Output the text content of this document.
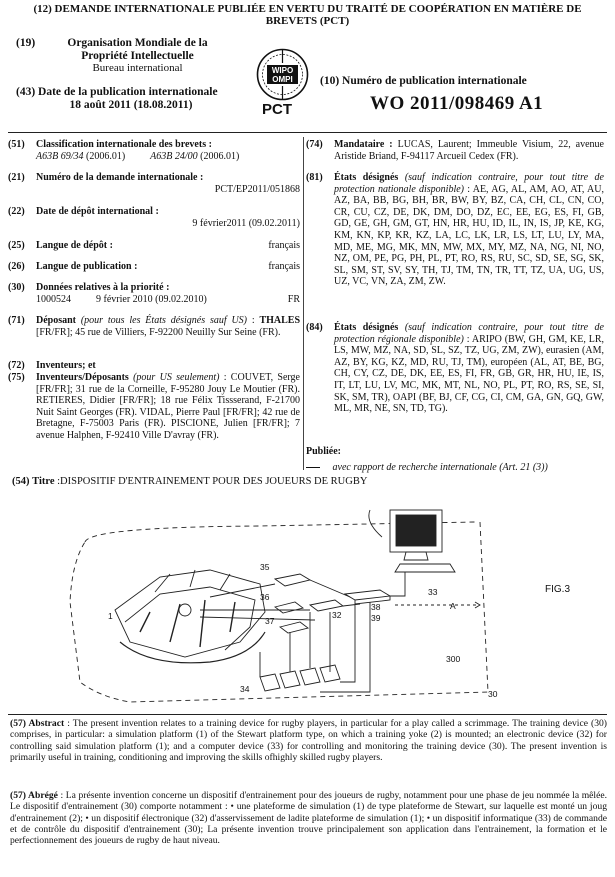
(12) DEMANDE INTERNATIONALE PUBLIÉE EN VERTU DU TRAITÉ DE COOPÉRATION EN MATIÈRE DE BREVETS (PCT)
(19)	Organisation Mondiale de la Propriété Intellectuelle
Bureau international
(43) Date de la publication internationale
18 août 2011 (18.08.2011)
WIPO
OMPI
PCT
(10) Numéro de publication internationale
WO 2011/098469 A1
(51) Classification internationale des brevets :
A63B 69/34 (2006.01)	A63B 24/00 (2006.01)
(21) Numéro de la demande internationale :
PCT/EP2011/051868
(22) Date de dépôt international :
9 février2011 (09.02.2011)
(25) Langue de dépôt :	français
(26) Langue de publication :	français
(30) Données relatives à la priorité :
1000524	9 février 2010 (09.02.2010)	FR
(71) Déposant (pour tous les États désignés sauf US) : THALES [FR/FR]; 45 rue de Villiers, F-92200 Neuilly Sur Seine (FR).
(72) Inventeurs; et
(75) Inventeurs/Déposants (pour US seulement) : COUVET, Serge [FR/FR]; 31 rue de la Corneille, F-95280 Jouy Le Moutier (FR). RETIERES, Didier [FR/FR]; 18 rue Félix Tissserand, F-21700 Nuit Saint Georges (FR). VIDAL, Pierre Paul [FR/FR]; 42 rue de Bretagne, F-75003 Paris (FR). PISCIONE, Julien [FR/FR]; 7 avenue Halphen, F-92410 Ville D'avray (FR).
(74) Mandataire : LUCAS, Laurent; Immeuble Visium, 22, avenue Aristide Briand, F-94117 Arcueil Cedex (FR).
(81) États désignés (sauf indication contraire, pour tout titre de protection nationale disponible) : AE, AG, AL, AM, AO, AT, AU, AZ, BA, BB, BG, BH, BR, BW, BY, BZ, CA, CH, CL, CN, CO, CR, CU, CZ, DE, DK, DM, DO, DZ, EC, EE, EG, ES, FI, GB, GD, GE, GH, GM, GT, HN, HR, HU, ID, IL, IN, IS, JP, KE, KG, KM, KN, KP, KR, KZ, LA, LC, LK, LR, LS, LT, LU, LY, MA, MD, ME, MG, MK, MN, MW, MX, MY, MZ, NA, NG, NI, NO, NZ, OM, PE, PG, PH, PL, PT, RO, RS, RU, SC, SD, SE, SG, SK, SL, SM, ST, SV, SY, TH, TJ, TM, TN, TR, TT, TZ, UA, UG, US, UZ, VC, VN, ZA, ZM, ZW.
(84) États désignés (sauf indication contraire, pour tout titre de protection régionale disponible) : ARIPO (BW, GH, GM, KE, LR, LS, MW, MZ, NA, SD, SL, SZ, TZ, UG, ZM, ZW), eurasien (AM, AZ, BY, KG, KZ, MD, RU, TJ, TM), européen (AL, AT, BE, BG, CH, CY, CZ, DE, DK, EE, ES, FI, FR, GB, GR, HR, HU, IE, IS, IT, LT, LU, LV, MC, MK, MT, NL, NO, PL, PT, RO, RS, SE, SI, SK, SM, TR), OAPI (BF, BJ, CF, CG, CI, CM, GA, GN, GQ, GW, ML, MR, NE, SN, TD, TG).
Publiée:
avec rapport de recherche internationale (Art. 21 (3))
(54) Titre :DISPOSITIF D'ENTRAINEMENT POUR DES JOUEURS DE RUGBY
35
36
37
1	32
38
39
33
A
300
34	30
FIG.3
(57) Abstract : The present invention relates to a training device for rugby players, in particular for a play called a scrimmage. The training device (30) comprises, in particular: a simulation platform (1) of the Stewart platform type, on which a training yoke (2) is mounted; an electronic device (32) for controlling said simulation platform (1); and a computer device (33) for controlling and monitoring the training device (30). The present invention is primarily useful in training, conditioning and improving the skills ofhighly skilled rugby players.
(57) Abrégé : La présente invention concerne un dispositif d'entrainement pour des joueurs de rugby, notamment pour une phase de jeu nommée la mêlée. Le dispositif d'entrainement (30) comporte notamment : • une plateforme de simulation (1) de type plateforme de Stewart, sur laquelle est monté un joug d'entrainement (2); • un dispositif électronique (32) d'asservissement de ladite plateforme de simulation (1); • un dispositif informatique (33) de commande et de contrôle du dispositif d'entrainement (30); La présente invention trouve principalement son application dans l'entrainement, la formation et le perfectionnement des joueurs de rugby de haut niveau.
